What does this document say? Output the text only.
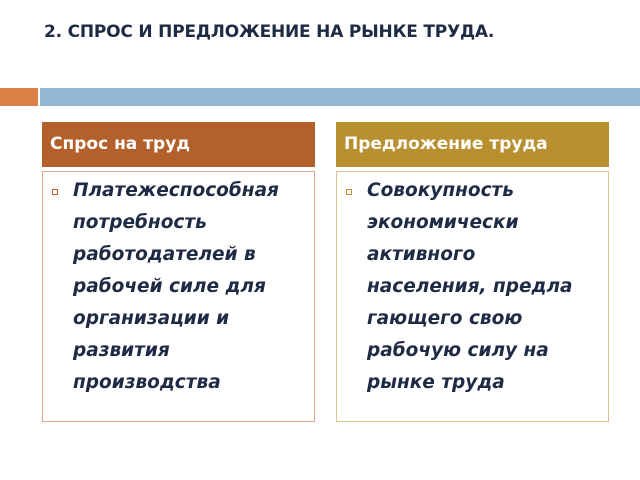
2. СПРОС И ПРЕДЛОЖЕНИЕ НА РЫНКЕ ТРУДА.
Спрос на труд	Предложение труда
Платежеспособная
потребность
работодателей в
рабочей силе для
организации и
развития
производства
Совокупность
экономически
активного
населения, предла
гающего свою
рабочую силу на
рынке труда
